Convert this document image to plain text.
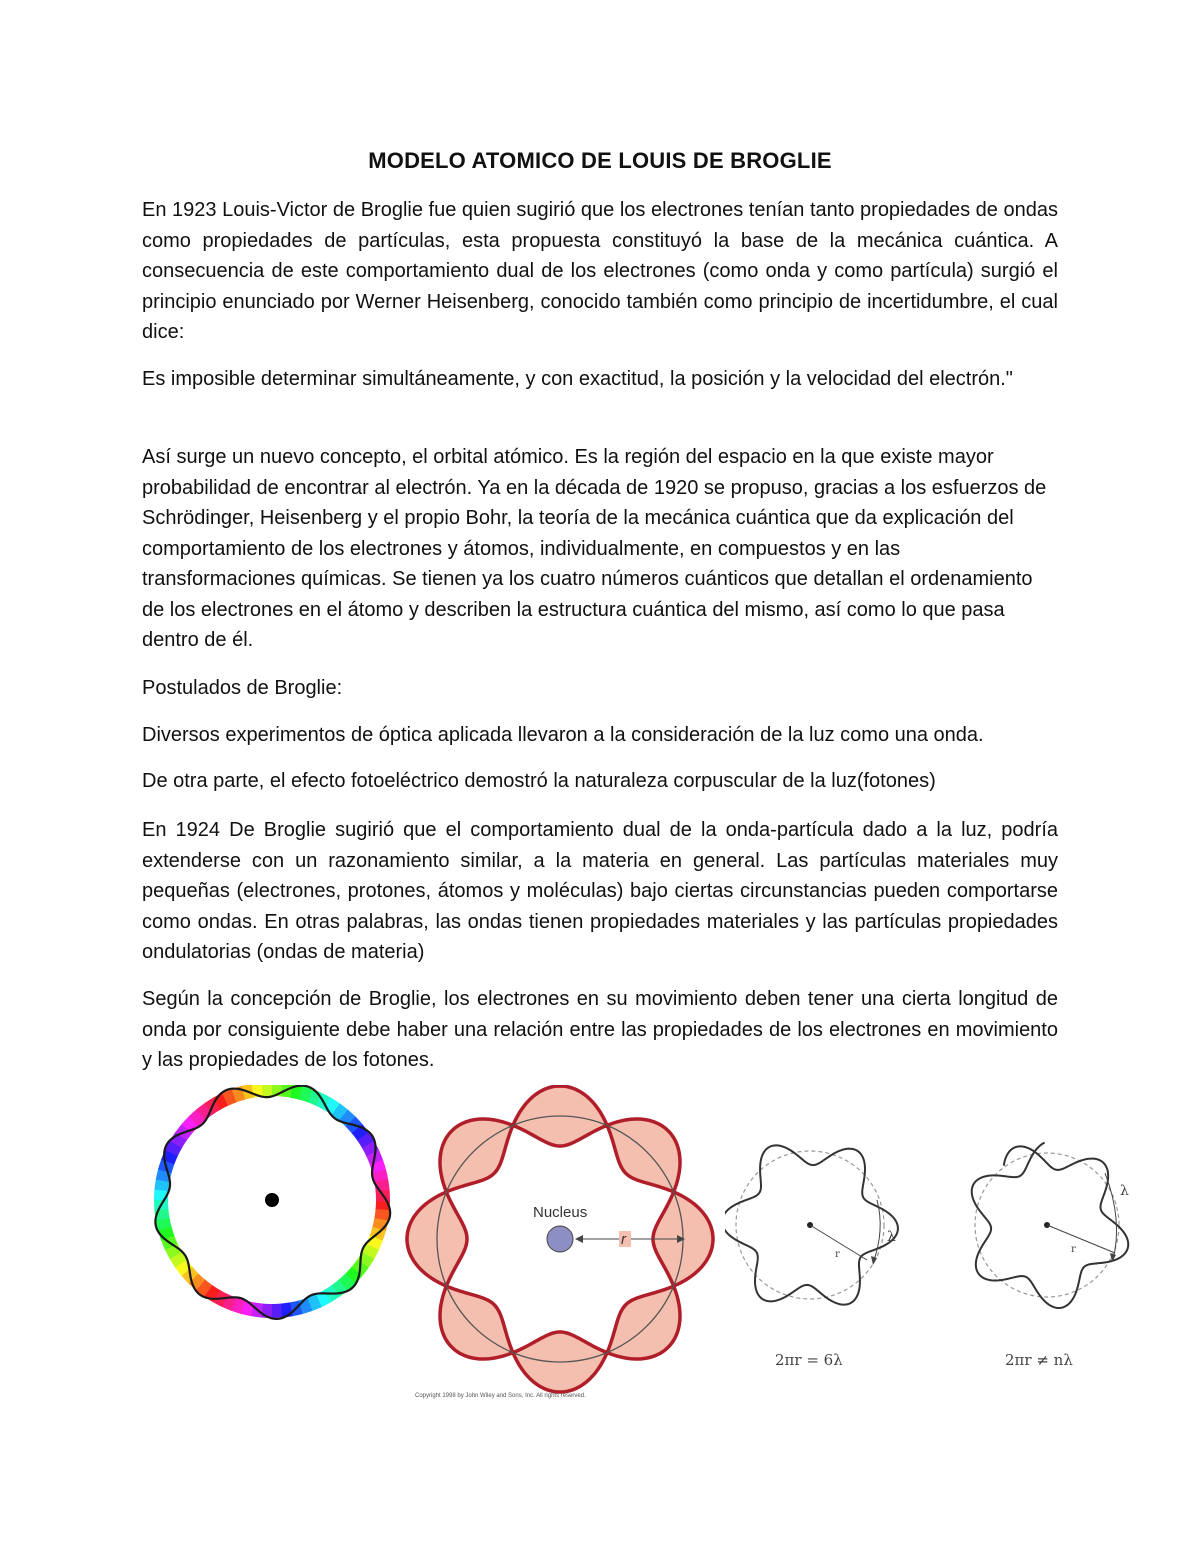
MODELO ATOMICO DE LOUIS DE BROGLIE

En 1923 Louis-Victor de Broglie fue quien sugirió que los electrones tenían tanto propiedades de ondas como propiedades de partículas, esta propuesta constituyó la base de la mecánica cuántica. A consecuencia de este comportamiento dual de los electrones (como onda y como partícula) surgió el principio enunciado por Werner Heisenberg, conocido también como principio de incertidumbre, el cual dice:

Es imposible determinar simultáneamente, y con exactitud, la posición y la velocidad del electrón."

Así surge un nuevo concepto, el orbital atómico. Es la región del espacio en la que existe mayor probabilidad de encontrar al electrón. Ya en la década de 1920 se propuso, gracias a los esfuerzos de Schrödinger, Heisenberg y el propio Bohr, la teoría de la mecánica cuántica que da explicación del comportamiento de los electrones y átomos, individualmente, en compuestos y en las transformaciones químicas. Se tienen ya los cuatro números cuánticos que detallan el ordenamiento de los electrones en el átomo y describen la estructura cuántica del mismo, así como lo que pasa dentro de él.

Postulados de Broglie:

Diversos experimentos de óptica aplicada llevaron a la consideración de la luz como una onda.

De otra parte, el efecto fotoeléctrico demostró la naturaleza corpuscular de la luz(fotones)

En 1924 De Broglie sugirió que el comportamiento dual de la onda-partícula dado a la luz, podría extenderse con un razonamiento similar, a la materia en general. Las partículas materiales muy pequeñas (electrones, protones, átomos y moléculas) bajo ciertas circunstancias pueden comportarse como ondas. En otras palabras, las ondas tienen propiedades materiales y las partículas propiedades ondulatorias (ondas de materia)

Según la concepción de Broglie, los electrones en su movimiento deben tener una cierta longitud de onda por consiguiente debe haber una relación entre las propiedades de los electrones en movimiento y las propiedades de los fotones.

Nucleus
r
Copyright 1998 by John Wiley and Sons, Inc. All rights reserved.
r
λ
2πr = 6λ
r
λ
2πr ≠ nλ
